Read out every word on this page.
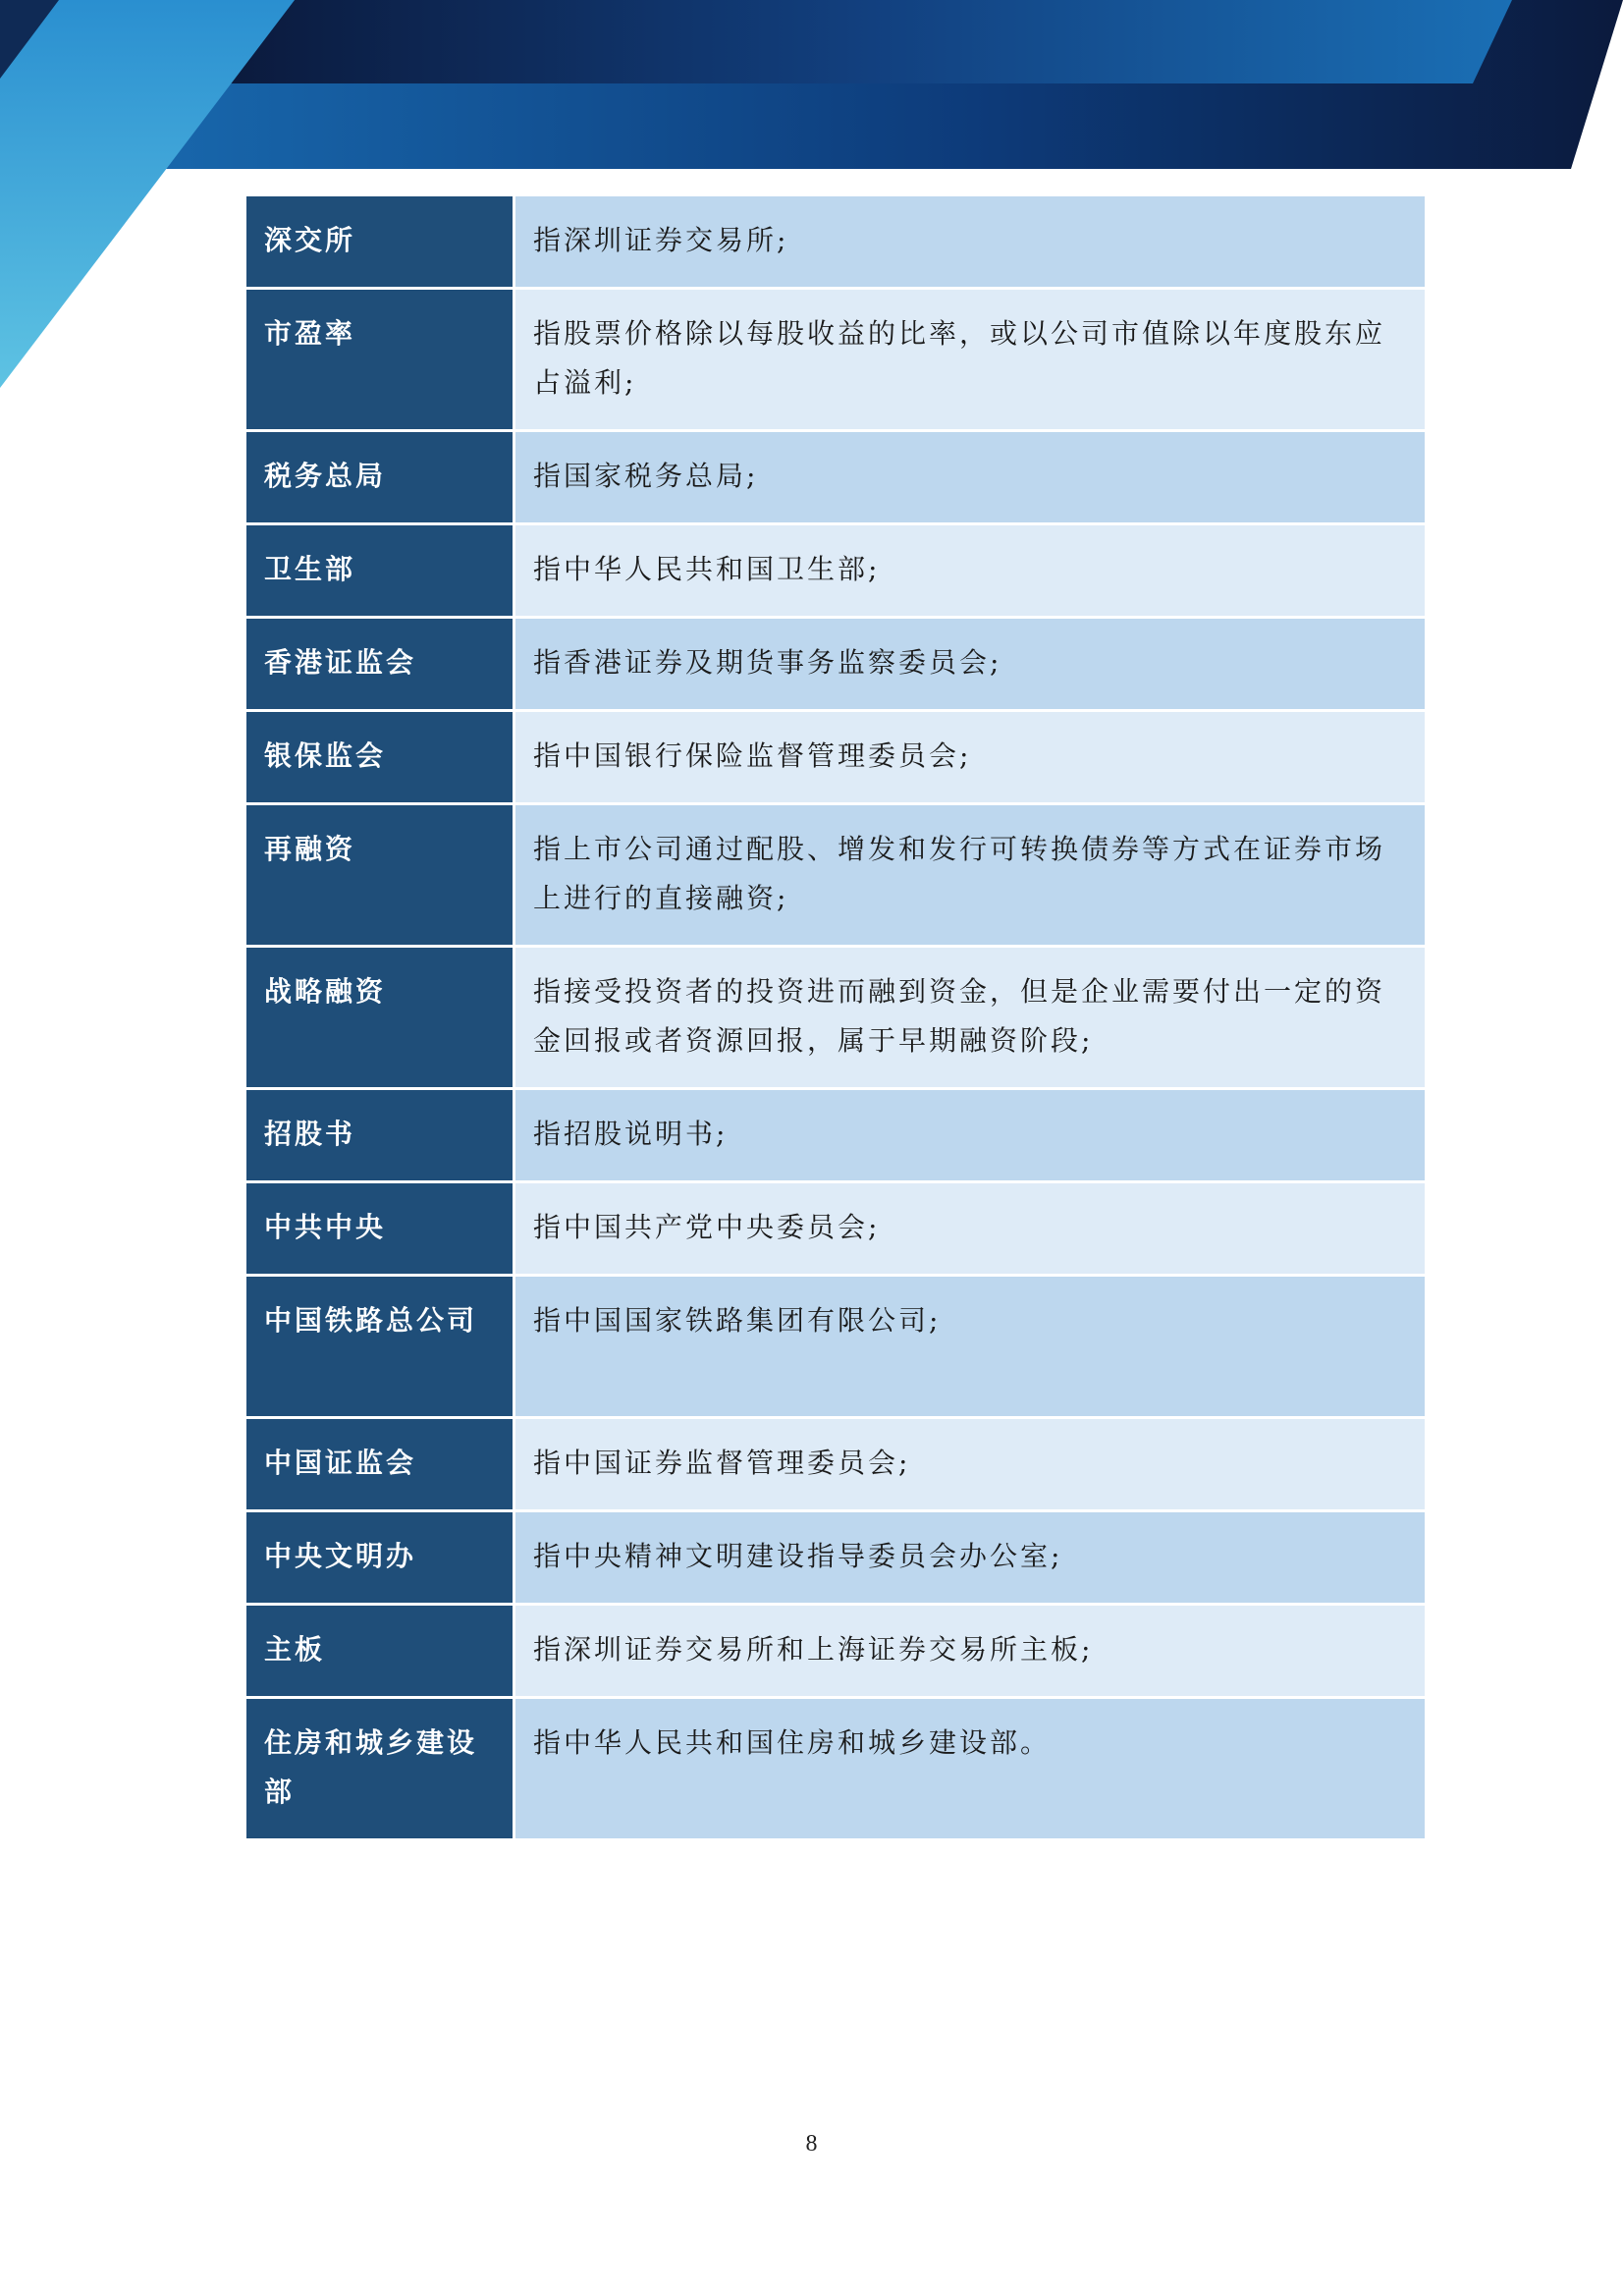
深交所	指深圳证券交易所;
市盈率	指股票价格除以每股收益的比率，或以公司市值除以年度股东应占溢利;
税务总局	指国家税务总局;
卫生部	指中华人民共和国卫生部;
香港证监会	指香港证券及期货事务监察委员会;
银保监会	指中国银行保险监督管理委员会;
再融资	指上市公司通过配股、增发和发行可转换债券等方式在证券市场上进行的直接融资;
战略融资	指接受投资者的投资进而融到资金，但是企业需要付出一定的资金回报或者资源回报，属于早期融资阶段;
招股书	指招股说明书;
中共中央	指中国共产党中央委员会;
中国铁路总公司	指中国国家铁路集团有限公司;
中国证监会	指中国证券监督管理委员会;
中央文明办	指中央精神文明建设指导委员会办公室;
主板	指深圳证券交易所和上海证券交易所主板;
住房和城乡建设部	指中华人民共和国住房和城乡建设部。
8
